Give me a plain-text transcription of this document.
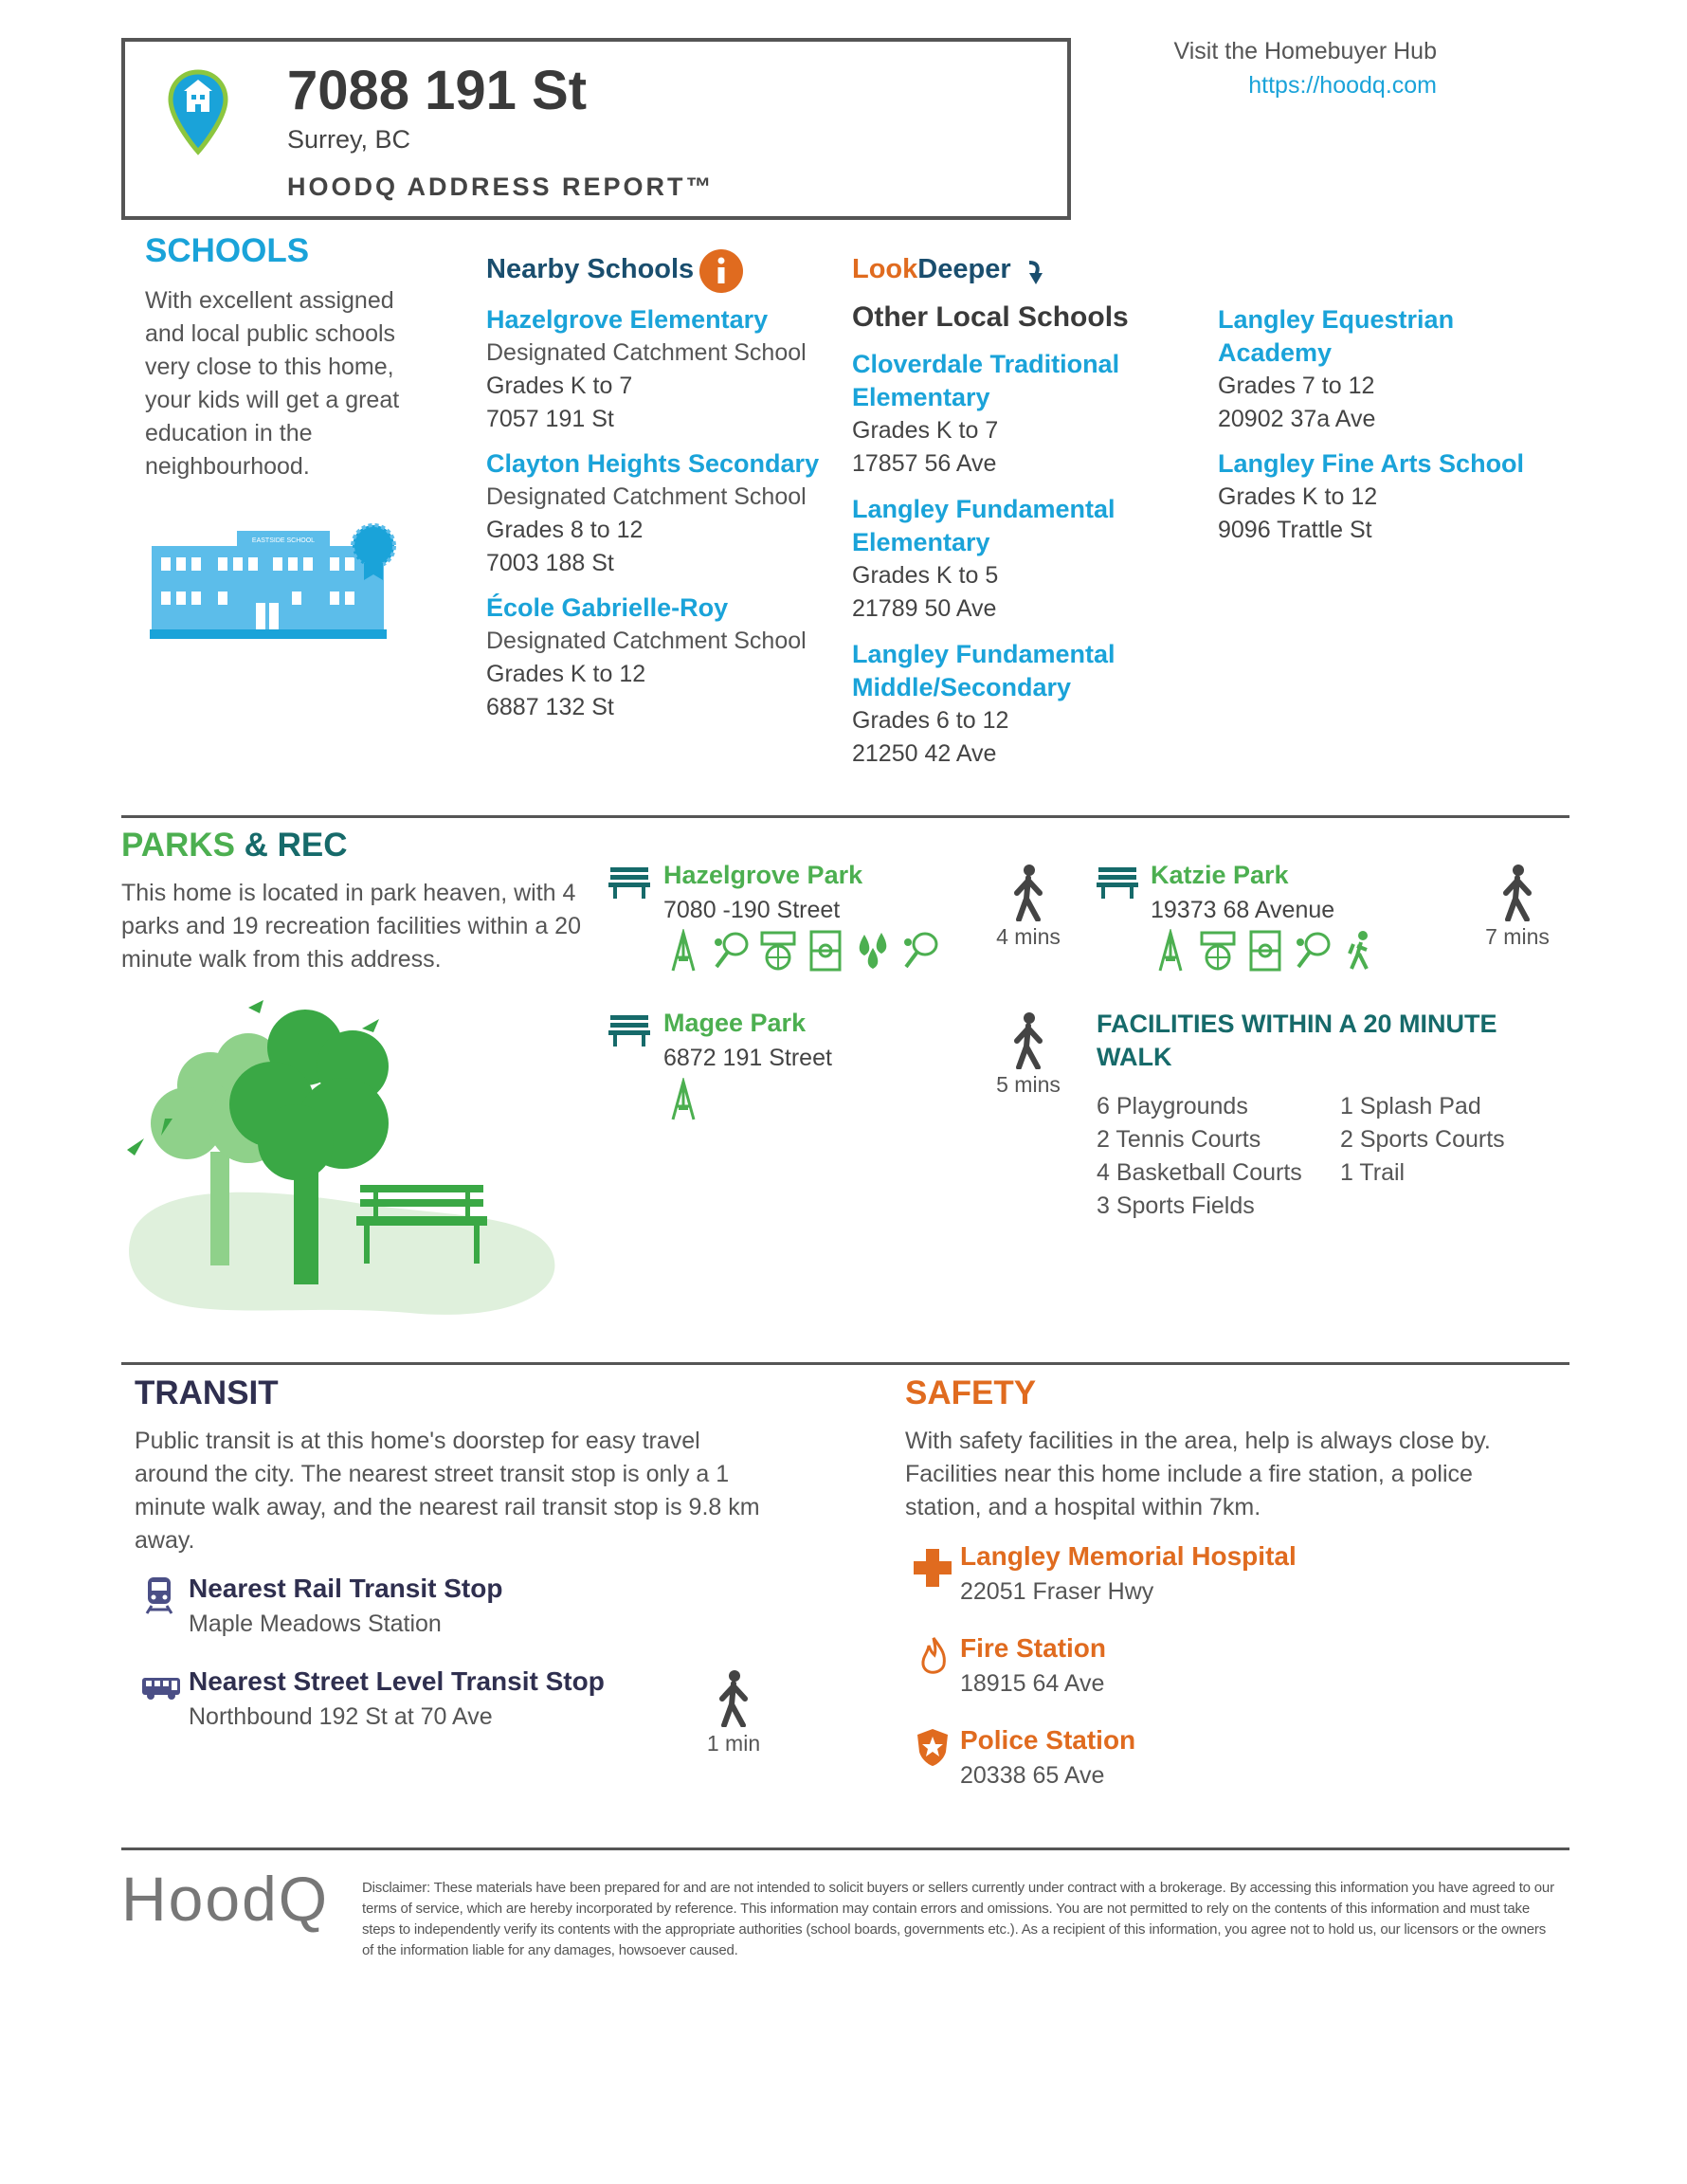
7088 191 St
Surrey, BC
HOODQ ADDRESS REPORT™
Visit the Homebuyer Hub
https://hoodq.com
SCHOOLS
With excellent assigned and local public schools very close to this home, your kids will get a great education in the neighbourhood.
EASTSIDE SCHOOL
Nearby Schools
Hazelgrove Elementary
Designated Catchment School
Grades K to 7
7057 191 St
Clayton Heights Secondary
Designated Catchment School
Grades 8 to 12
7003 188 St
École Gabrielle-Roy
Designated Catchment School
Grades K to 12
6887 132 St
LookDeeper
Other Local Schools
Cloverdale Traditional
Elementary
Grades K to 7
17857 56 Ave
Langley Fundamental
Elementary
Grades K to 5
21789 50 Ave
Langley Fundamental
Middle/Secondary
Grades 6 to 12
21250 42 Ave
Langley Equestrian
Academy
Grades 7 to 12
20902 37a Ave
Langley Fine Arts School
Grades K to 12
9096 Trattle St
PARKS & REC
This home is located in park heaven, with 4 parks and 19 recreation facilities within a 20 minute walk from this address.
Hazelgrove Park
7080 -190 Street
Katzie Park
19373 68 Avenue
Magee Park
6872 191 Street
4 mins	7 mins
5 mins
FACILITIES WITHIN A 20 MINUTE
WALK
6 Playgrounds
2 Tennis Courts
4 Basketball Courts
3 Sports Fields
1 Splash Pad
2 Sports Courts
1 Trail
TRANSIT
Public transit is at this home's doorstep for easy travel around the city. The nearest street transit stop is only a 1 minute walk away, and the nearest rail transit stop is 9.8 km away.
Nearest Rail Transit Stop
Maple Meadows Station
Nearest Street Level Transit Stop
Northbound 192 St at 70 Ave
1 min
SAFETY
With safety facilities in the area, help is always close by. Facilities near this home include a fire station, a police station, and a hospital within 7km.
Langley Memorial Hospital
22051 Fraser Hwy
Fire Station
18915 64 Ave
Police Station
20338 65 Ave
HoodQ Disclaimer: These materials have been prepared for and are not intended to solicit buyers or sellers currently under contract with a brokerage. By accessing this information you have agreed to our terms of service, which are hereby incorporated by reference. This information may contain errors and omissions. You are not permitted to rely on the contents of this information and must take steps to independently verify its contents with the appropriate authorities (school boards, governments etc.). As a recipient of this information, you agree not to hold us, our licensors or the owners of the information liable for any damages, howsoever caused.
